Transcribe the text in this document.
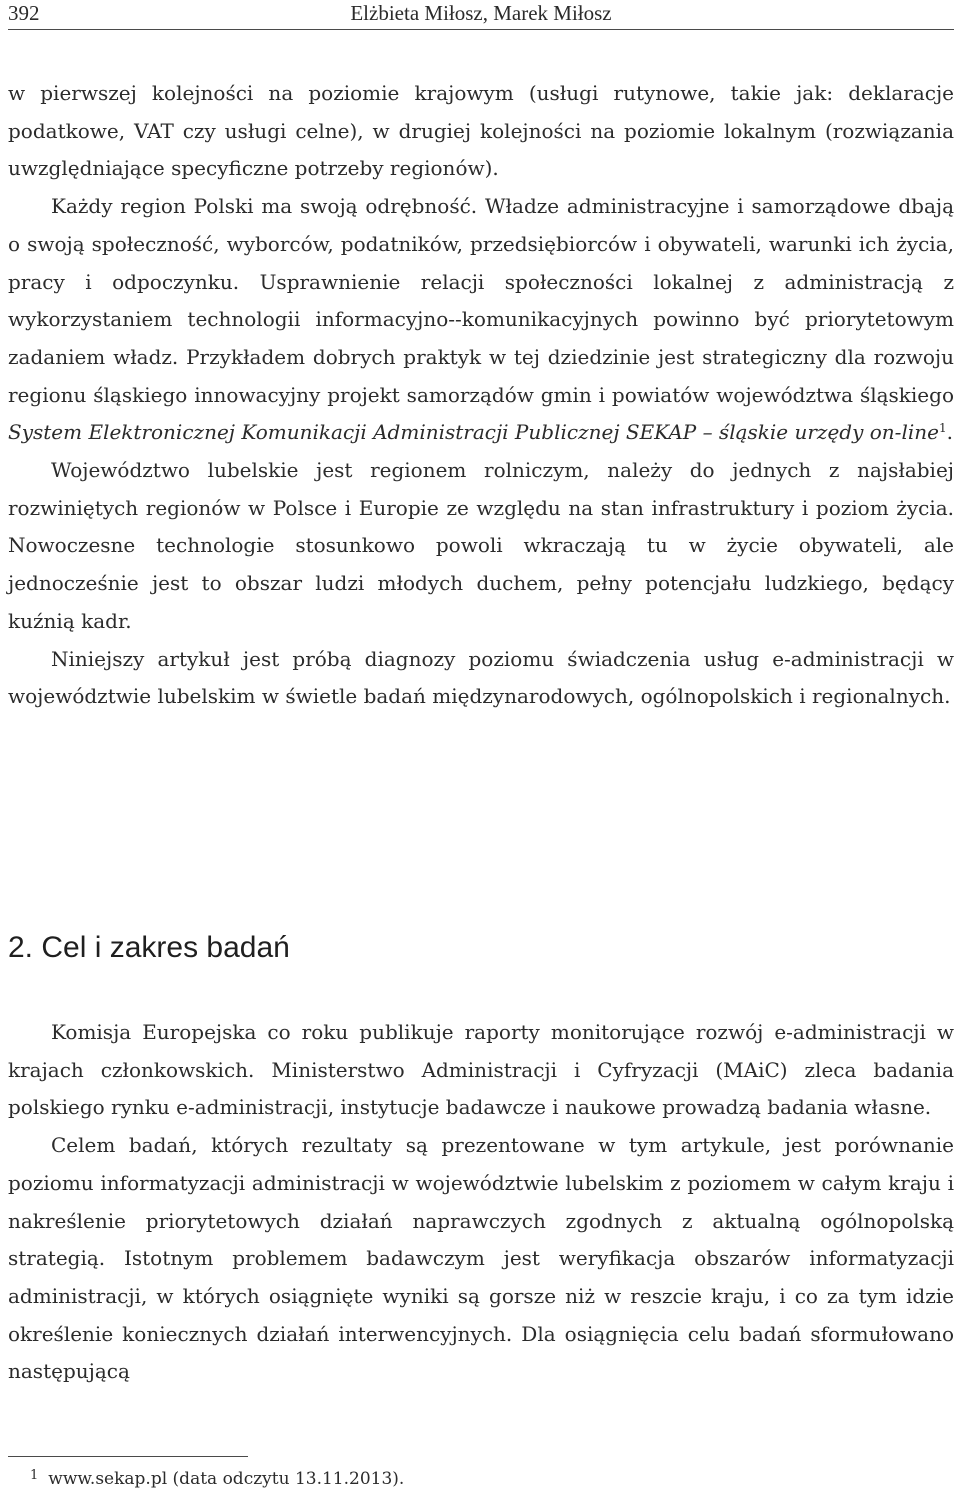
392	Elżbieta Miłosz, Marek Miłosz

w pierwszej kolejności na poziomie krajowym (usługi rutynowe, takie jak: deklaracje podatkowe, VAT czy usługi celne), w drugiej kolejności na poziomie lokalnym (rozwiązania uwzględniające specyficzne potrzeby regionów).

Każdy region Polski ma swoją odrębność. Władze administracyjne i samorządowe dbają o swoją społeczność, wyborców, podatników, przedsiębiorców i obywateli, warunki ich życia, pracy i odpoczynku. Usprawnienie relacji społeczności lokalnej z administracją z wykorzystaniem technologii informacyjno--komunikacyjnych powinno być priorytetowym zadaniem władz. Przykładem dobrych praktyk w tej dziedzinie jest strategiczny dla rozwoju regionu śląskiego innowacyjny projekt samorządów gmin i powiatów województwa śląskiego System Elektronicznej Komunikacji Administracji Publicznej SEKAP – śląskie urzędy on-line$^1$.

Województwo lubelskie jest regionem rolniczym, należy do jednych z najsłabiej rozwiniętych regionów w Polsce i Europie ze względu na stan infrastruktury i poziom życia. Nowoczesne technologie stosunkowo powoli wkraczają tu w życie obywateli, ale jednocześnie jest to obszar ludzi młodych duchem, pełny potencjału ludzkiego, będący kuźnią kadr.

Niniejszy artykuł jest próbą diagnozy poziomu świadczenia usług e-administracji w województwie lubelskim w świetle badań międzynarodowych, ogólnopolskich i regionalnych.

2. Cel i zakres badań

Komisja Europejska co roku publikuje raporty monitorujące rozwój e-administracji w krajach członkowskich. Ministerstwo Administracji i Cyfryzacji (MAiC) zleca badania polskiego rynku e-administracji, instytucje badawcze i naukowe prowadzą badania własne.

Celem badań, których rezultaty są prezentowane w tym artykule, jest porównanie poziomu informatyzacji administracji w województwie lubelskim z poziomem w całym kraju i nakreślenie priorytetowych działań naprawczych zgodnych z aktualną ogólnopolską strategią. Istotnym problemem badawczym jest weryfikacja obszarów informatyzacji administracji, w których osiągnięte wyniki są gorsze niż w reszcie kraju, i co za tym idzie określenie koniecznych działań interwencyjnych. Dla osiągnięcia celu badań sformułowano następującą

$^1$ www.sekap.pl (data odczytu 13.11.2013).
